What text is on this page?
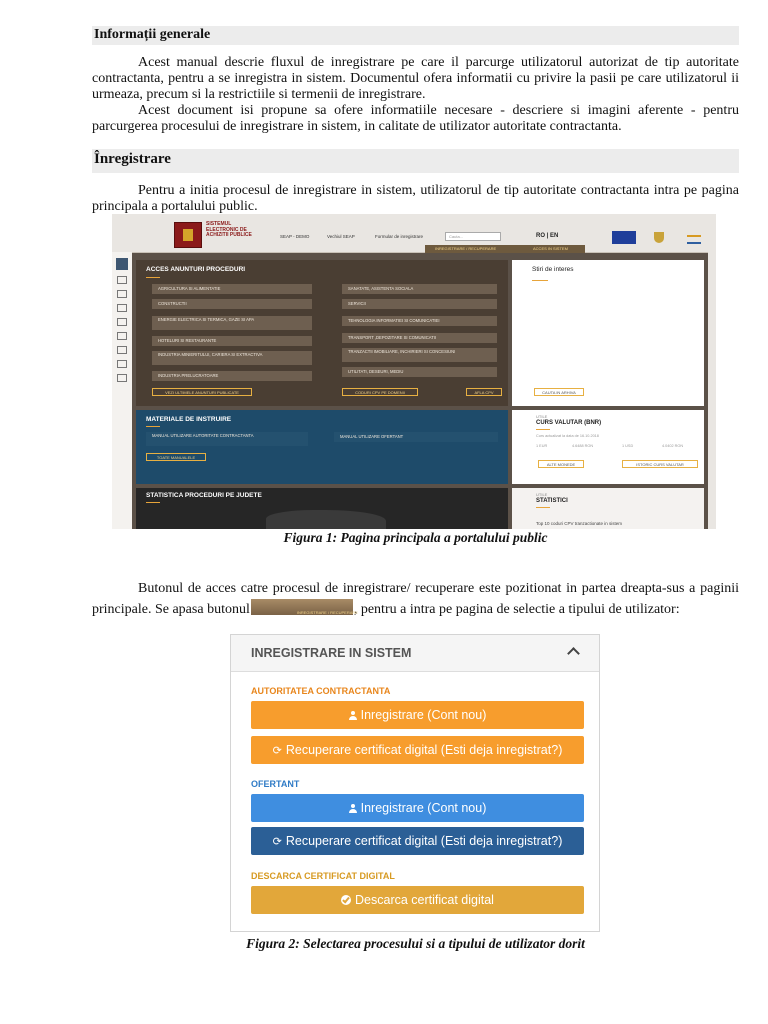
Informații generale

Acest manual descrie fluxul de inregistrare pe care il parcurge utilizatorul autorizat de tip autoritate contractanta, pentru a se inregistra in sistem. Documentul ofera informatii cu privire la pasii pe care utilizatorul ii urmeaza, precum si la restrictiile si termenii de inregistrare.

Acest document isi propune sa ofere informatiile necesare - descriere si imagini aferente - pentru parcurgerea procesului de inregistrare in sistem, in calitate de utilizator autoritate contractanta.

Înregistrare

Pentru a initia procesul de inregistrare in sistem, utilizatorul de tip autoritate contractanta intra pe pagina principala a portalului public.

SISTEMUL ELECTRONIC DE ACHIZITII PUBLICE	SEAP - DEMO	Vechiul SEAP	Formular de inregistrare	Cauta...	RO | EN
INREGISTRARE / RECUPERARE	ACCES IN SISTEM
ACCES ANUNTURI PROCEDURI
AGRICULTURA SI ALIMENTATIE
CONSTRUCTII
ENERGIE ELECTRICA SI TERMICA, GAZE SI APA
HOTELURI SI RESTAURANTE
INDUSTRIA MINIERITULUI, CARIERA SI EXTRACTIVA
INDUSTRIA PRELUCRATOARE
SANATATE, ASISTENTA SOCIALA
SERVICII
TEHNOLOGIA INFORMATIEI SI COMUNICATIEI
TRANSPORT ,DEPOZITARE SI COMUNICATII
TRANZACTII IMOBILIARE, INCHIRIERI SI CONCESIUNI
UTILITATI, DESEURI, MEDIU
VEZI ULTIMELE ANUNTURI PUBLICATE	CODURI CPV PE DOMENII	AFLA CPV
Stiri de interes
CAUTA IN ARHIVA
MATERIALE DE INSTRUIRE
MANUAL UTILIZARE AUTORITATE CONTRACTANTA	MANUAL UTILIZARE OFERTANT
TOATE MANUALELE
UTILE
CURS VALUTAR (BNR)
Curs actualizat la data de 16.10.2018
1 EUR	4.6488 RON	1 USD	4.0402 RON
ALTE MONEDE	ISTORIC CURS VALUTAR
STATISTICA PROCEDURI PE JUDETE	UTILE
STATISTICI
Top 10 coduri CPV tranzactionate in sistem

Figura 1: Pagina principala a portalului public

Butonul de acces catre procesul de inregistrare/ recuperare este pozitionat in partea dreapta-sus a paginii principale. Se apasa butonul	INREGISTRARE / RECUPERARE
, pentru a intra pe pagina de selectie a tipului de utilizator:

INREGISTRARE IN SISTEM
AUTORITATEA CONTRACTANTA
Inregistrare (Cont nou)
⟳ Recuperare certificat digital (Esti deja inregistrat?)
OFERTANT
Inregistrare (Cont nou)
⟳ Recuperare certificat digital (Esti deja inregistrat?)
DESCARCA CERTIFICAT DIGITAL
Descarca certificat digital

Figura 2: Selectarea procesului si a tipului de utilizator dorit
